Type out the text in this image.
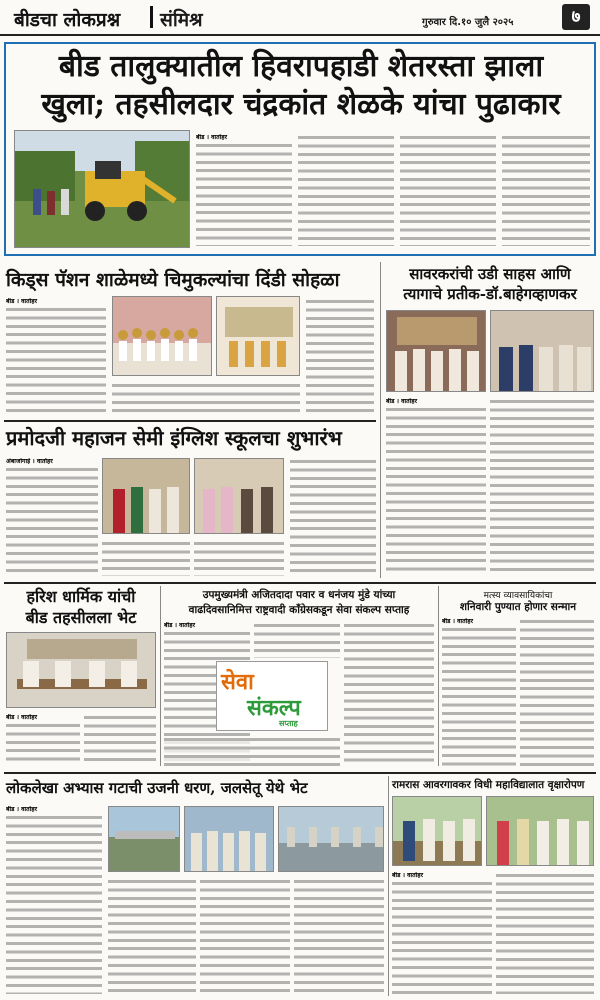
बीडचा लोकप्रश्न संमिश्र	गुरुवार दि.१० जुलै २०२५	७
बीड तालुक्यातील हिवरापहाडी शेतरस्ता झाला
खुला; तहसीलदार चंद्रकांत शेळके यांचा पुढाकार
बीड । वार्ताहर
किड्स पॅशन शाळेमध्ये चिमुकल्यांचा दिंडी सोहळा
बीड । वार्ताहर
सावरकरांची उडी साहस आणि
त्यागाचे प्रतीक-डॉ.बाहेगव्हाणकर
बीड । वार्ताहर
प्रमोदजी महाजन सेमी इंग्लिश स्कूलचा शुभारंभ
अंबाजोगाई । वार्ताहर
हरिश धार्मिक यांची
बीड तहसीलला भेट
बीड । वार्ताहर
उपमुख्यमंत्री अजितदादा पवार व धनंजय मुंडे यांच्या
वाढदिवसानिमित्त राष्ट्रवादी काँग्रेसकडून सेवा संकल्प सप्ताह
बीड । वार्ताहर
सेवा
संकल्प
सप्ताह
मत्स्य व्यावसायिकांचा
शनिवारी पुण्यात होणार सन्मान
बीड । वार्ताहर
लोकलेखा अभ्यास गटाची उजनी धरण, जलसेतू येथे भेट
बीड । वार्ताहर
रामरास आवरगावकर विधी महाविद्यालात वृक्षारोपण
बीड । वार्ताहर
